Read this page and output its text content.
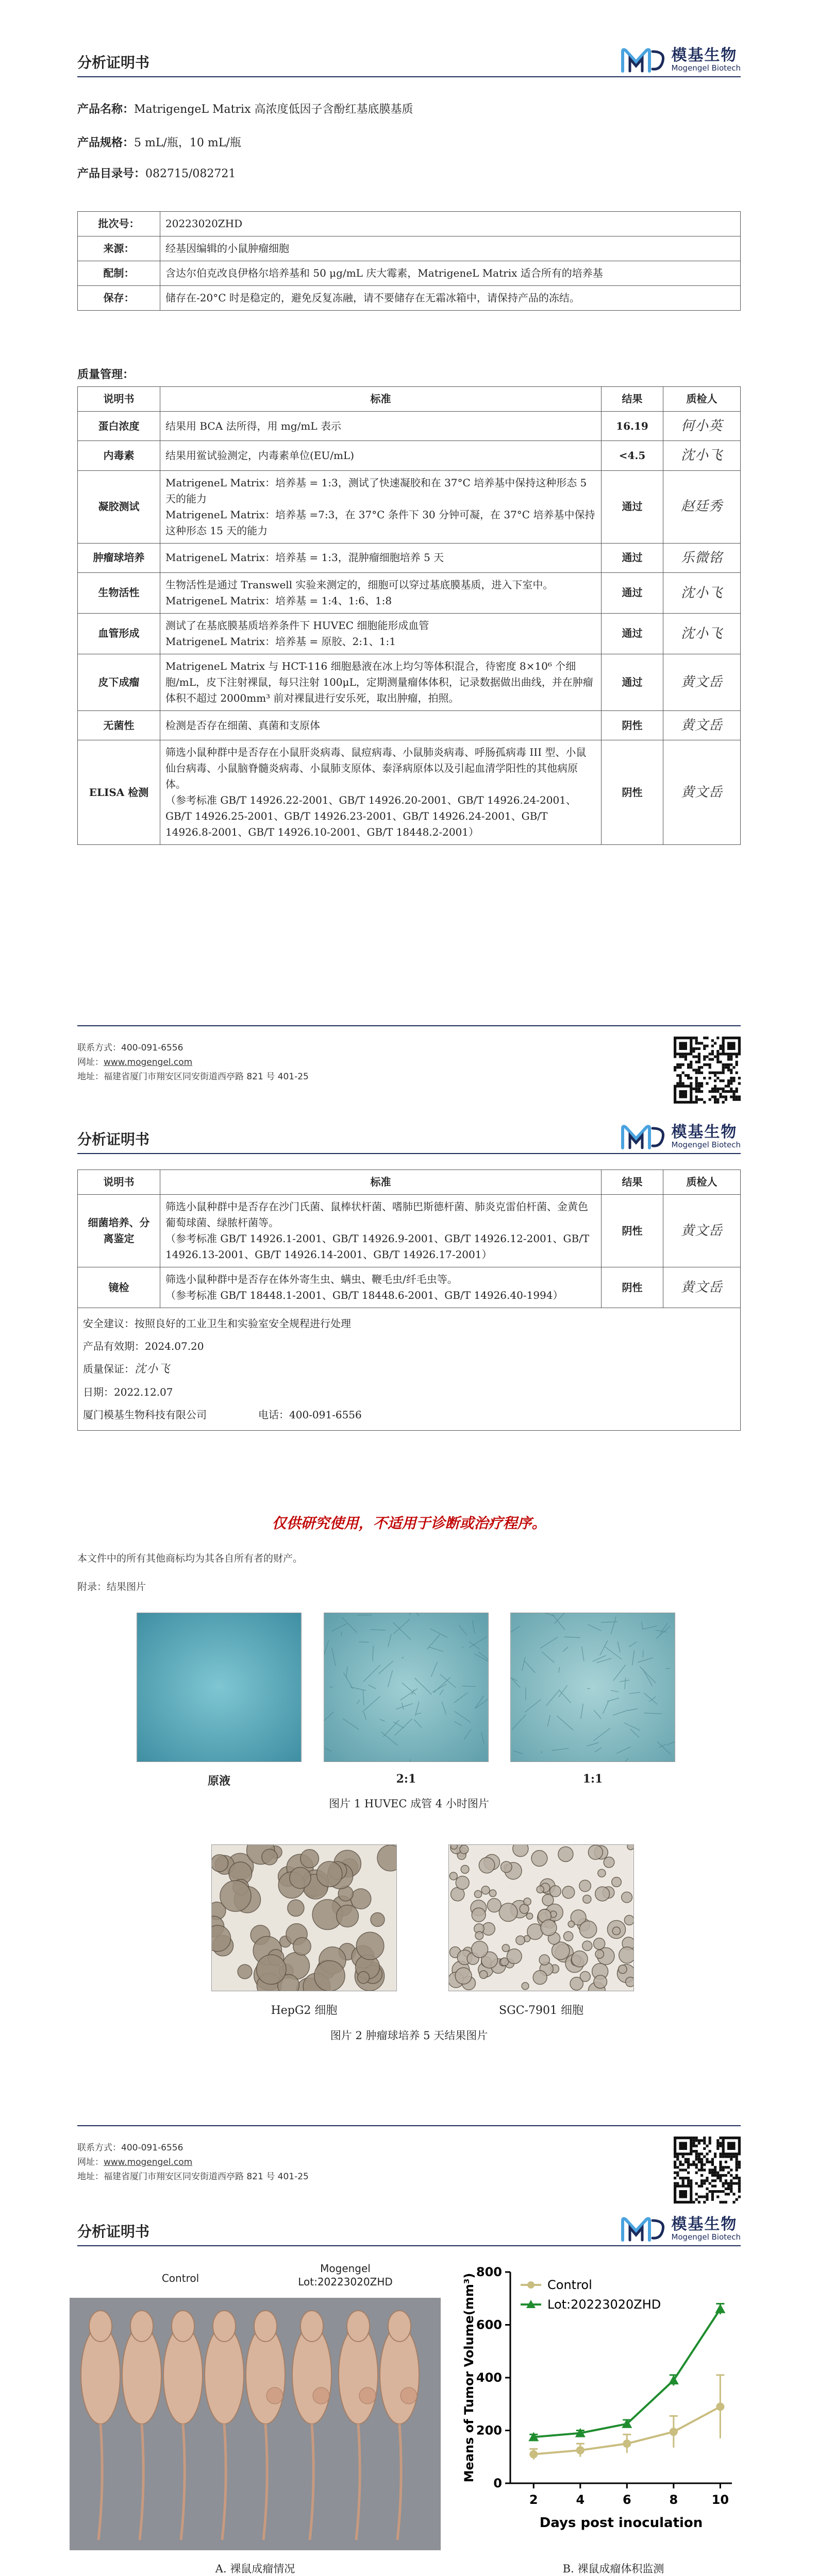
分析证明书	模基生物
Mogengel Biotech
产品名称：MatrigengeL Matrix 高浓度低因子含酚红基底膜基质
产品规格：5 mL/瓶，10 mL/瓶
产品目录号：082715/082721
批次号：	20223020ZHD
来源：	经基因编辑的小鼠肿瘤细胞
配制：	含达尔伯克改良伊格尔培养基和 50 μg/mL 庆大霉素，MatrigeneL Matrix 适合所有的培养基
保存：	储存在-20°C 时是稳定的，避免反复冻融，请不要储存在无霜冰箱中，请保持产品的冻结。
质量管理：
说明书	标准	结果	质检人
蛋白浓度	结果用 BCA 法所得，用 mg/mL 表示	16.19	何小英
内毒素	结果用鲎试验测定，内毒素单位(EU/mL)	<4.5	沈小飞
凝胶测试	MatrigeneL Matrix：培养基 = 1:3，测试了快速凝胶和在 37°C 培养基中保持这种形态 5 天的能力
MatrigeneL Matrix：培养基 =7:3，在 37°C 条件下 30 分钟可凝，在 37°C 培养基中保持这种形态 15 天的能力	通过	赵廷秀
肿瘤球培养	MatrigeneL Matrix：培养基 = 1:3，混肿瘤细胞培养 5 天	通过	乐微铭
生物活性	生物活性是通过 Transwell 实验来测定的，细胞可以穿过基底膜基质，进入下室中。MatrigeneL Matrix：培养基 = 1:4、1:6、1:8	通过	沈小飞
血管形成	测试了在基底膜基质培养条件下 HUVEC 细胞能形成血管
MatrigeneL Matrix：培养基 = 原胶、2:1、1:1	通过	沈小飞
皮下成瘤	MatrigeneL Matrix 与 HCT-116 细胞悬液在冰上均匀等体积混合，待密度 8×10⁶ 个细胞/mL，皮下注射裸鼠，每只注射 100μL，定期测量瘤体体积，记录数据做出曲线，并在肿瘤体积不超过 2000mm³ 前对裸鼠进行安乐死，取出肿瘤，拍照。	通过	黄文岳
无菌性	检测是否存在细菌、真菌和支原体	阴性	黄文岳
ELISA 检测	筛选小鼠种群中是否存在小鼠肝炎病毒、鼠痘病毒、小鼠肺炎病毒、呼肠孤病毒 III 型、小鼠仙台病毒、小鼠脑脊髓炎病毒、小鼠肺支原体、泰泽病原体以及引起血清学阳性的其他病原体。
（参考标准 GB/T 14926.22-2001、GB/T 14926.20-2001、GB/T 14926.24-2001、GB/T 14926.25-2001、GB/T 14926.23-2001、GB/T 14926.24-2001、GB/T 14926.8-2001、GB/T 14926.10-2001、GB/T 18448.2-2001）	阴性	黄文岳
联系方式：400-091-6556
网址：www.mogengel.com
地址：福建省厦门市翔安区同安街道西亭路 821 号 401-25
分析证明书	模基生物
Mogengel Biotech
说明书	标准	结果	质检人
细菌培养、分离鉴定	筛选小鼠种群中是否存在沙门氏菌、鼠棒状杆菌、嗜肺巴斯德杆菌、肺炎克雷伯杆菌、金黄色葡萄球菌、绿脓杆菌等。
（参考标准 GB/T 14926.1-2001、GB/T 14926.9-2001、GB/T 14926.12-2001、GB/T 14926.13-2001、GB/T 14926.14-2001、GB/T 14926.17-2001）	阴性	黄文岳
镜检	筛选小鼠种群中是否存在体外寄生虫、螨虫、鞭毛虫/纤毛虫等。
（参考标准 GB/T 18448.1-2001、GB/T 18448.6-2001、GB/T 14926.40-1994）	阴性	黄文岳

安全建议：按照良好的工业卫生和实验室安全规程进行处理
产品有效期：2024.07.20
质量保证：沈小飞
日期：2022.12.07
厦门模基生物科技有限公司 电话：400-091-6556			
仅供研究使用，不适用于诊断或治疗程序。
本文件中的所有其他商标均为其各自所有者的财产。
附录：结果图片
原液	2:1	1:1
图片 1 HUVEC 成管 4 小时图片
HepG2 细胞	SGC-7901 细胞
图片 2 肿瘤球培养 5 天结果图片
联系方式：400-091-6556
网址：www.mogengel.com
地址：福建省厦门市翔安区同安街道西亭路 821 号 401-25
分析证明书	模基生物
Mogengel Biotech
Control
Mogengel
Lot:20223020ZHD
A. 裸鼠成瘤情况
0
200
400
600
800
2	4	6	8	10
Days post inoculation
Means of Tumor Volume(mm³)	Control
Lot:20223020ZHD
B. 裸鼠成瘤体积监测
